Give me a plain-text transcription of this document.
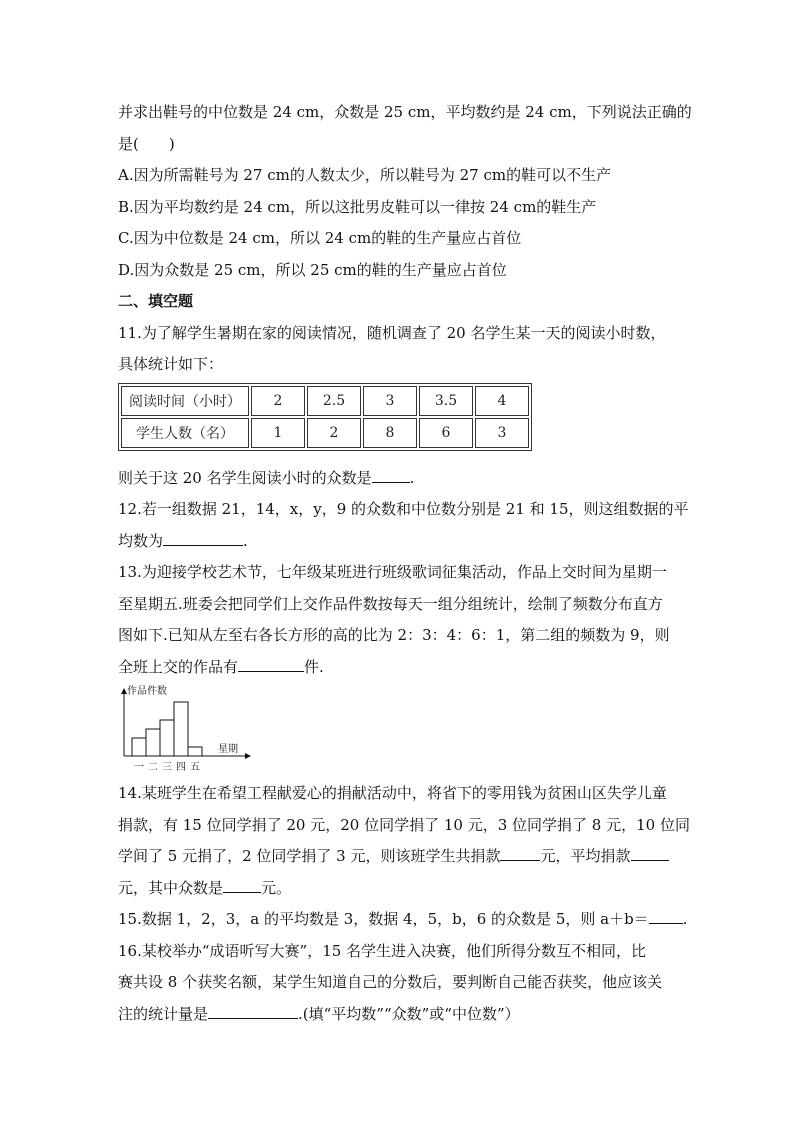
并求出鞋号的中位数是 24 cm，众数是 25 cm，平均数约是 24 cm，下列说法正确的
是(　　)
A.因为所需鞋号为 27 cm的人数太少，所以鞋号为 27 cm的鞋可以不生产
B.因为平均数约是 24 cm，所以这批男皮鞋可以一律按 24 cm的鞋生产
C.因为中位数是 24 cm，所以 24 cm的鞋的生产量应占首位
D.因为众数是 25 cm，所以 25 cm的鞋的生产量应占首位
二、填空题
11.为了解学生暑期在家的阅读情况，随机调查了 20 名学生某一天的阅读小时数，
具体统计如下：
阅读时间（小时）	2	2.5	3	3.5	4
学生人数（名）	1	2	8	6	3
则关于这 20 名学生阅读小时的众数是	.
12.若一组数据 21，14，x，y，9 的众数和中位数分别是 21 和 15，则这组数据的平
均数为	.
13.为迎接学校艺术节，七年级某班进行班级歌词征集活动，作品上交时间为星期一
至星期五.班委会把同学们上交作品件数按每天一组分组统计，绘制了频数分布直方
图如下.已知从左至右各长方形的高的比为 2：3：4：6：1，第二组的频数为 9，则
全班上交的作品有	件.
作品件数
星期
一 二 三 四 五
14.某班学生在希望工程献爱心的捐献活动中，将省下的零用钱为贫困山区失学儿童
捐款，有 15 位同学捐了 20 元，20 位同学捐了 10 元，3 位同学捐了 8 元，10 位同
学间了 5 元捐了，2 位同学捐了 3 元，则该班学生共捐款	元，平均捐款
元，其中众数是	元。
15.数据 1，2，3，a 的平均数是 3，数据 4，5，b，6 的众数是 5，则 a＋b＝ .
16.某校举办“成语听写大赛”，15 名学生进入决赛，他们所得分数互不相同，比
赛共设 8 个获奖名额，某学生知道自己的分数后，要判断自己能否获奖，他应该关
注的统计量是	.(填“平均数”“众数”或“中位数”）
